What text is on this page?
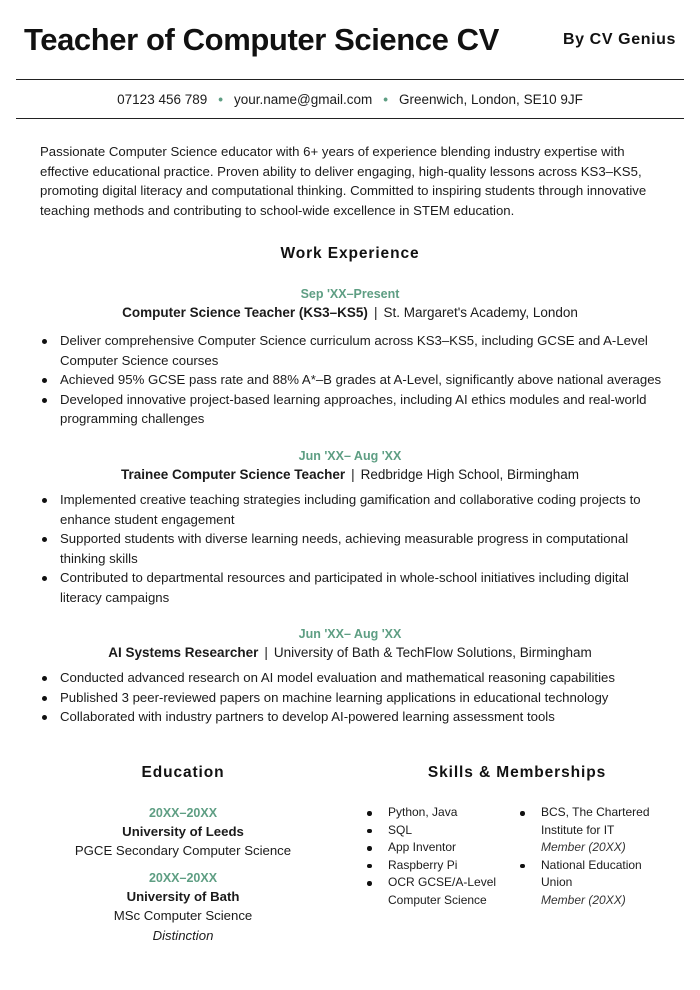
Teacher of Computer Science CV	By CV Genius
07123 456 789 • your.name@gmail.com • Greenwich, London, SE10 9JF

Passionate Computer Science educator with 6+ years of experience blending industry expertise with effective educational practice. Proven ability to deliver engaging, high-quality lessons across KS3–KS5, promoting digital literacy and computational thinking. Committed to inspiring students through innovative teaching methods and contributing to school-wide excellence in STEM education.

Work Experience
Sep 'XX–Present
Computer Science Teacher (KS3–KS5) | St. Margaret's Academy, London
Deliver comprehensive Computer Science curriculum across KS3–KS5, including GCSE and A-Level Computer Science courses
Achieved 95% GCSE pass rate and 88% A*–B grades at A-Level, significantly above national averages
Developed innovative project-based learning approaches, including AI ethics modules and real-world programming challenges
Jun 'XX– Aug 'XX
Trainee Computer Science Teacher | Redbridge High School, Birmingham
Implemented creative teaching strategies including gamification and collaborative coding projects to enhance student engagement
Supported students with diverse learning needs, achieving measurable progress in computational thinking skills
Contributed to departmental resources and participated in whole-school initiatives including digital literacy campaigns
Jun 'XX– Aug 'XX
AI Systems Researcher | University of Bath & TechFlow Solutions, Birmingham
Conducted advanced research on AI model evaluation and mathematical reasoning capabilities
Published 3 peer-reviewed papers on machine learning applications in educational technology
Collaborated with industry partners to develop AI-powered learning assessment tools
Education
20XX–20XX
University of Leeds
PGCE Secondary Computer Science
20XX–20XX
University of Bath
MSc Computer Science
Distinction
Skills & Memberships
Python, Java
SQL
App Inventor
Raspberry Pi
OCR GCSE/A-Level Computer Science
BCS, The Chartered Institute for IT
Member (20XX)
National Education Union
Member (20XX)
